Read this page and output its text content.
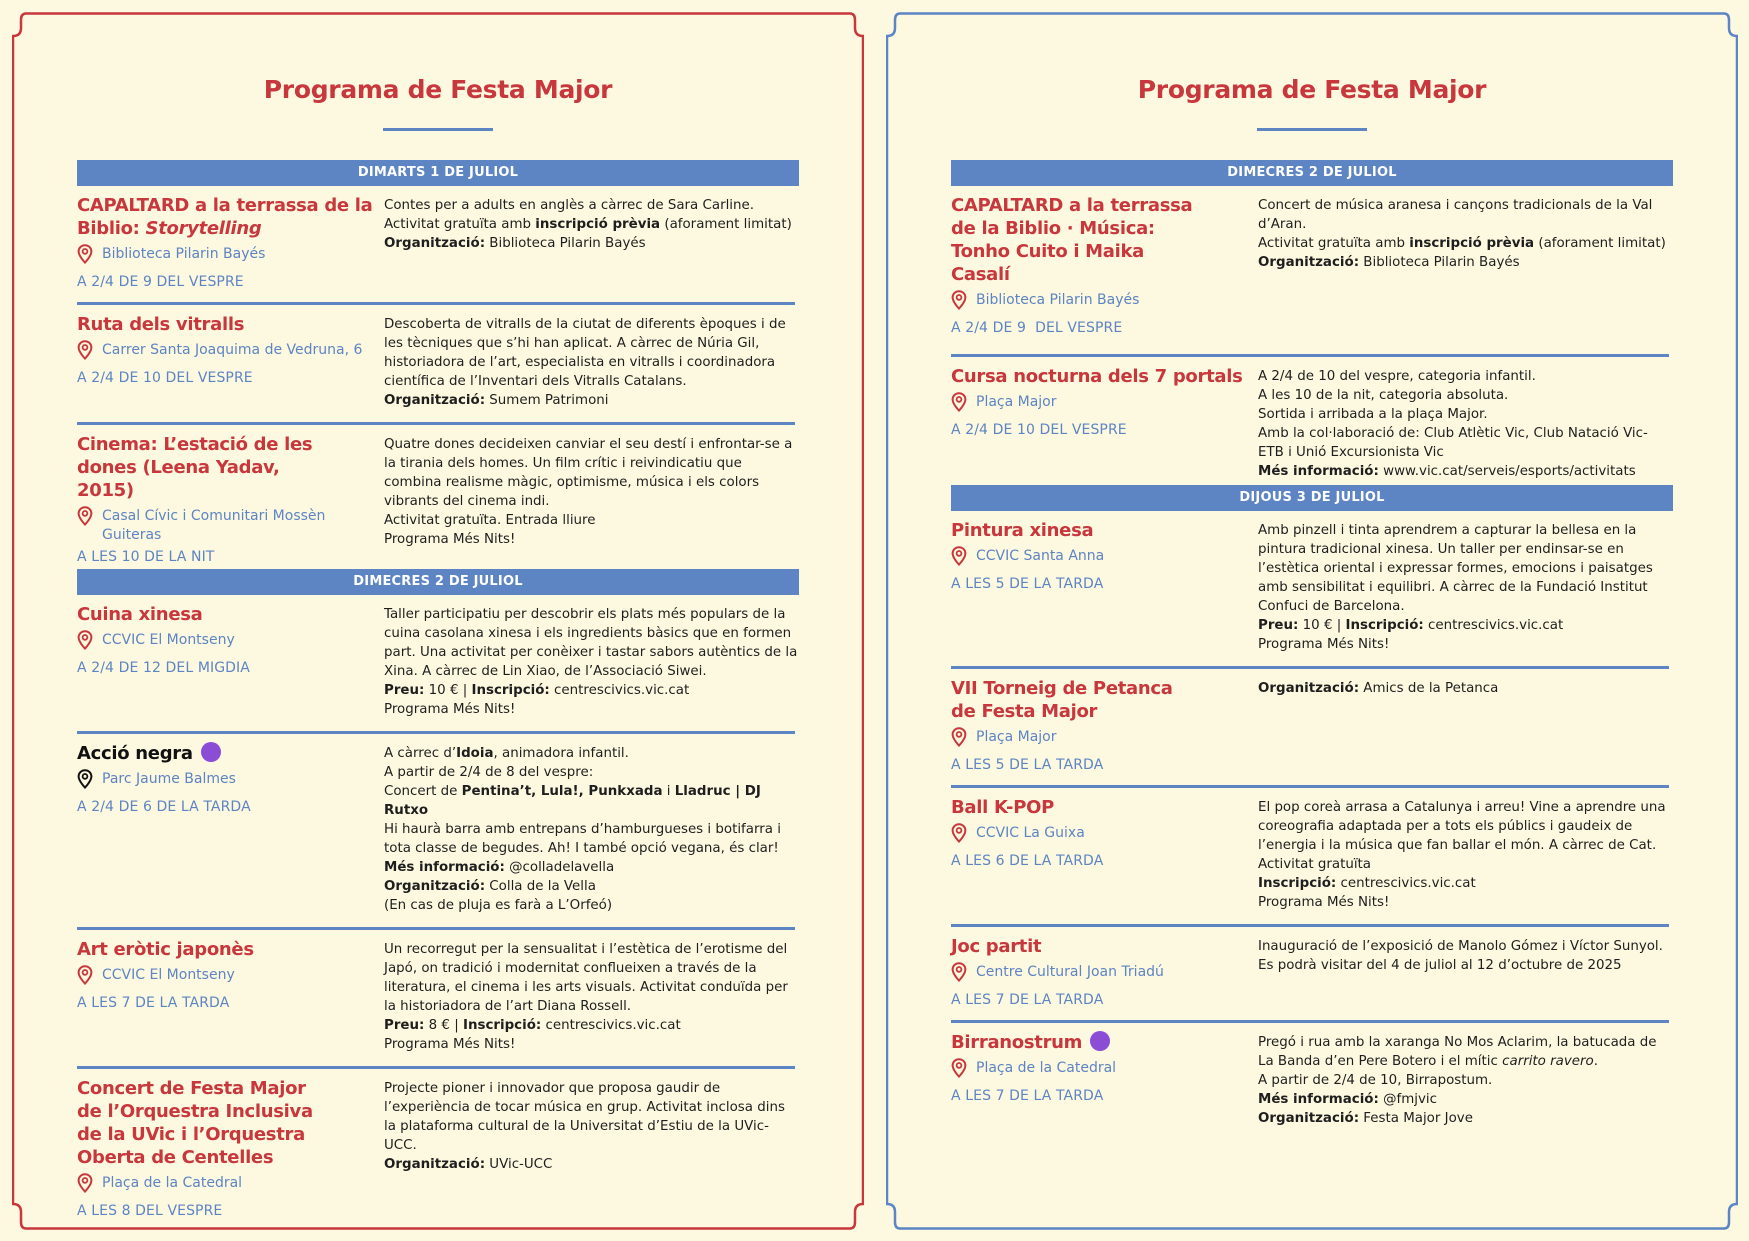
Programa de Festa Major
DIMARTS 1 DE JULIOL
CAPALTARD a la terrassa de la Biblio: Storytelling
Biblioteca Pilarin Bayés
A 2/4 DE 9 DEL VESPRE
Contes per a adults en anglès a càrrec de Sara Carline.
Activitat gratuïta amb inscripció prèvia (aforament limitat)
Organització: Biblioteca Pilarin Bayés
Ruta dels vitralls
Carrer Santa Joaquima de Vedruna, 6
A 2/4 DE 10 DEL VESPRE
Descoberta de vitralls de la ciutat de diferents èpoques i de les tècniques que s’hi han aplicat. A càrrec de Núria Gil, historiadora de l’art, especialista en vitralls i coordinadora científica de l’Inventari dels Vitralls Catalans.
Organització: Sumem Patrimoni
Cinema: L’estació de les dones (Leena Yadav, 2015)
Casal Cívic i Comunitari Mossèn Guiteras
A LES 10 DE LA NIT
Quatre dones decideixen canviar el seu destí i enfrontar-se a la tirania dels homes. Un film crític i reivindicatiu que combina realisme màgic, optimisme, música i els colors vibrants del cinema indi.
Activitat gratuïta. Entrada lliure
Programa Més Nits!
DIMECRES 2 DE JULIOL
Cuina xinesa
CCVIC El Montseny
A 2/4 DE 12 DEL MIGDIA
Taller participatiu per descobrir els plats més populars de la cuina casolana xinesa i els ingredients bàsics que en formen part. Una activitat per conèixer i tastar sabors autèntics de la Xina. A càrrec de Lin Xiao, de l’Associació Siwei.
Preu: 10 € | Inscripció: centrescivics.vic.cat
Programa Més Nits!
Acció negra
Parc Jaume Balmes
A 2/4 DE 6 DE LA TARDA
A càrrec d’Idoia, animadora infantil.
A partir de 2/4 de 8 del vespre:
Concert de Pentina’t, Lula!, Punkxada i Lladruc | DJ Rutxo
Hi haurà barra amb entrepans d’hamburgueses i botifarra i tota classe de begudes. Ah! I també opció vegana, és clar!
Més informació: @colladelavella
Organització: Colla de la Vella
(En cas de pluja es farà a L’Orfeó)
Art eròtic japonès
CCVIC El Montseny
A LES 7 DE LA TARDA
Un recorregut per la sensualitat i l’estètica de l’erotisme del Japó, on tradició i modernitat conflueixen a través de la literatura, el cinema i les arts visuals. Activitat conduïda per la historiadora de l’art Diana Rossell.
Preu: 8 € | Inscripció: centrescivics.vic.cat
Programa Més Nits!
Concert de Festa Major de l’Orquestra Inclusiva de la UVic i l’Orquestra Oberta de Centelles
Plaça de la Catedral
A LES 8 DEL VESPRE
Projecte pioner i innovador que proposa gaudir de l’experiència de tocar música en grup. Activitat inclosa dins la plataforma cultural de la Universitat d’Estiu de la UVic-UCC.
Organització: UVic-UCC
Programa de Festa Major
DIMECRES 2 DE JULIOL
CAPALTARD a la terrassa de la Biblio · Música: Tonho Cuito i Maika Casalí
Biblioteca Pilarin Bayés
A 2/4 DE 9  DEL VESPRE
Concert de música aranesa i cançons tradicionals de la Val d’Aran.
Activitat gratuïta amb inscripció prèvia (aforament limitat)
Organització: Biblioteca Pilarin Bayés
Cursa nocturna dels 7 portals
Plaça Major
A 2/4 DE 10 DEL VESPRE
A 2/4 de 10 del vespre, categoria infantil.
A les 10 de la nit, categoria absoluta.
Sortida i arribada a la plaça Major.
Amb la col·laboració de: Club Atlètic Vic, Club Natació Vic-ETB i Unió Excursionista Vic
Més informació: www.vic.cat/serveis/esports/activitats
DIJOUS 3 DE JULIOL
Pintura xinesa
CCVIC Santa Anna
A LES 5 DE LA TARDA
Amb pinzell i tinta aprendrem a capturar la bellesa en la pintura tradicional xinesa. Un taller per endinsar-se en l’estètica oriental i expressar formes, emocions i paisatges amb sensibilitat i equilibri. A càrrec de la Fundació Institut Confuci de Barcelona.
Preu: 10 € | Inscripció: centrescivics.vic.cat
Programa Més Nits!
VII Torneig de Petanca de Festa Major
Plaça Major
A LES 5 DE LA TARDA
Organització: Amics de la Petanca
Ball K-POP
CCVIC La Guixa
A LES 6 DE LA TARDA
El pop coreà arrasa a Catalunya i arreu! Vine a aprendre una coreografia adaptada per a tots els públics i gaudeix de l’energia i la música que fan ballar el món. A càrrec de Cat.
Activitat gratuïta
Inscripció: centrescivics.vic.cat
Programa Més Nits!
Joc partit
Centre Cultural Joan Triadú
A LES 7 DE LA TARDA
Inauguració de l’exposició de Manolo Gómez i Víctor Sunyol.
Es podrà visitar del 4 de juliol al 12 d’octubre de 2025
Birranostrum
Plaça de la Catedral
A LES 7 DE LA TARDA
Pregó i rua amb la xaranga No Mos Aclarim, la batucada de La Banda d’en Pere Botero i el mític carrito ravero.
A partir de 2/4 de 10, Birrapostum.
Més informació: @fmjvic
Organització: Festa Major Jove
